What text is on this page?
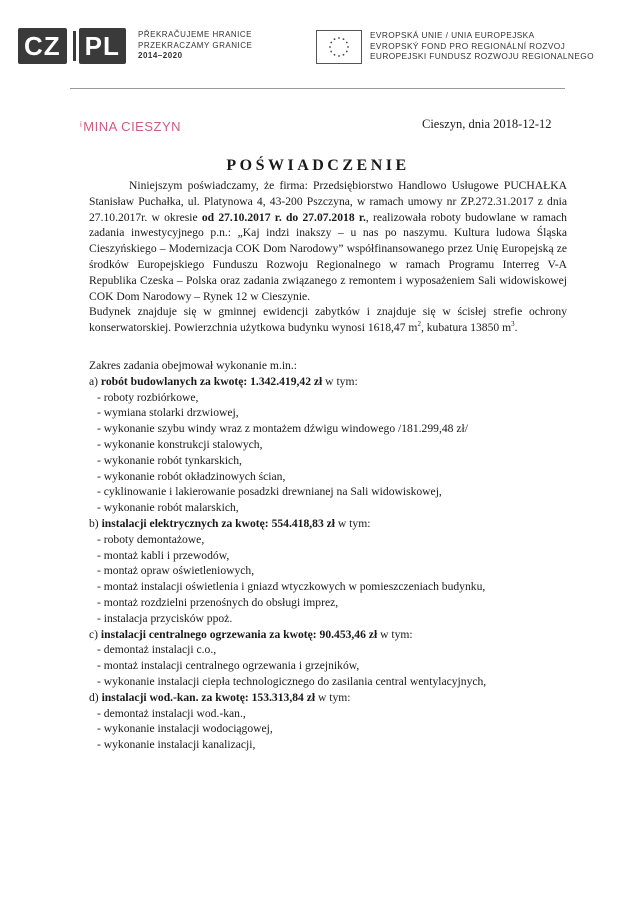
CZ PL	PŘEKRAČUJEME HRANICE
PRZEKRACZAMY GRANICE
2014–2020
EVROPSKÁ UNIE / UNIA EUROPEJSKA
EVROPSKÝ FOND PRO REGIONÁLNÍ ROZVOJ
EUROPEJSKI FUNDUSZ ROZWOJU REGIONALNEGO
$^i$MINA CIESZYN	Cieszyn, dnia 2018-12-12
POŚWIADCZENIE

Niniejszym poświadczamy, że firma: Przedsiębiorstwo Handlowo Usługowe PUCHAŁKA Stanisław Puchałka, ul. Platynowa 4, 43-200 Pszczyna, w ramach umowy nr ZP.272.31.2017 z dnia 27.10.2017r. w okresie od 27.10.2017 r. do 27.07.2018 r., realizowała roboty budowlane w ramach zadania inwestycyjnego p.n.: „Kaj indzi inakszy – u nas po naszymu. Kultura ludowa Śląska Cieszyńskiego – Modernizacja COK Dom Narodowy” współfinansowanego przez Unię Europejską ze środków Europejskiego Funduszu Rozwoju Regionalnego w ramach Programu Interreg V-A Republika Czeska – Polska oraz zadania związanego z remontem i wyposażeniem Sali widowiskowej COK Dom Narodowy – Rynek 12 w Cieszynie.

Budynek znajduje się w gminnej ewidencji zabytków i znajduje się w ścisłej strefie ochrony konserwatorskiej. Powierzchnia użytkowa budynku wynosi 1618,47 $m^2$, kubatura 13850 $m^3$.

Zakres zadania obejmował wykonanie m.in.:

a) robót budowlanych za kwotę: 1.342.419,42 zł w tym:

- roboty rozbiórkowe,
- wymiana stolarki drzwiowej,
- wykonanie szybu windy wraz z montażem dźwigu windowego /181.299,48 zł/
- wykonanie konstrukcji stalowych,
- wykonanie robót tynkarskich,
- wykonanie robót okładzinowych ścian,
- cyklinowanie i lakierowanie posadzki drewnianej na Sali widowiskowej,
- wykonanie robót malarskich,

b) instalacji elektrycznych za kwotę: 554.418,83 zł w tym:

- roboty demontażowe,
- montaż kabli i przewodów,
- montaż opraw oświetleniowych,
- montaż instalacji oświetlenia i gniazd wtyczkowych w pomieszczeniach budynku,
- montaż rozdzielni przenośnych do obsługi imprez,
- instalacja przycisków ppoż.

c) instalacji centralnego ogrzewania za kwotę: 90.453,46 zł w tym:

- demontaż instalacji c.o.,
- montaż instalacji centralnego ogrzewania i grzejników,
- wykonanie instalacji ciepła technologicznego do zasilania central wentylacyjnych,

d) instalacji wod.-kan. za kwotę: 153.313,84 zł w tym:

- demontaż instalacji wod.-kan.,
- wykonanie instalacji wodociągowej,
- wykonanie instalacji kanalizacji,
